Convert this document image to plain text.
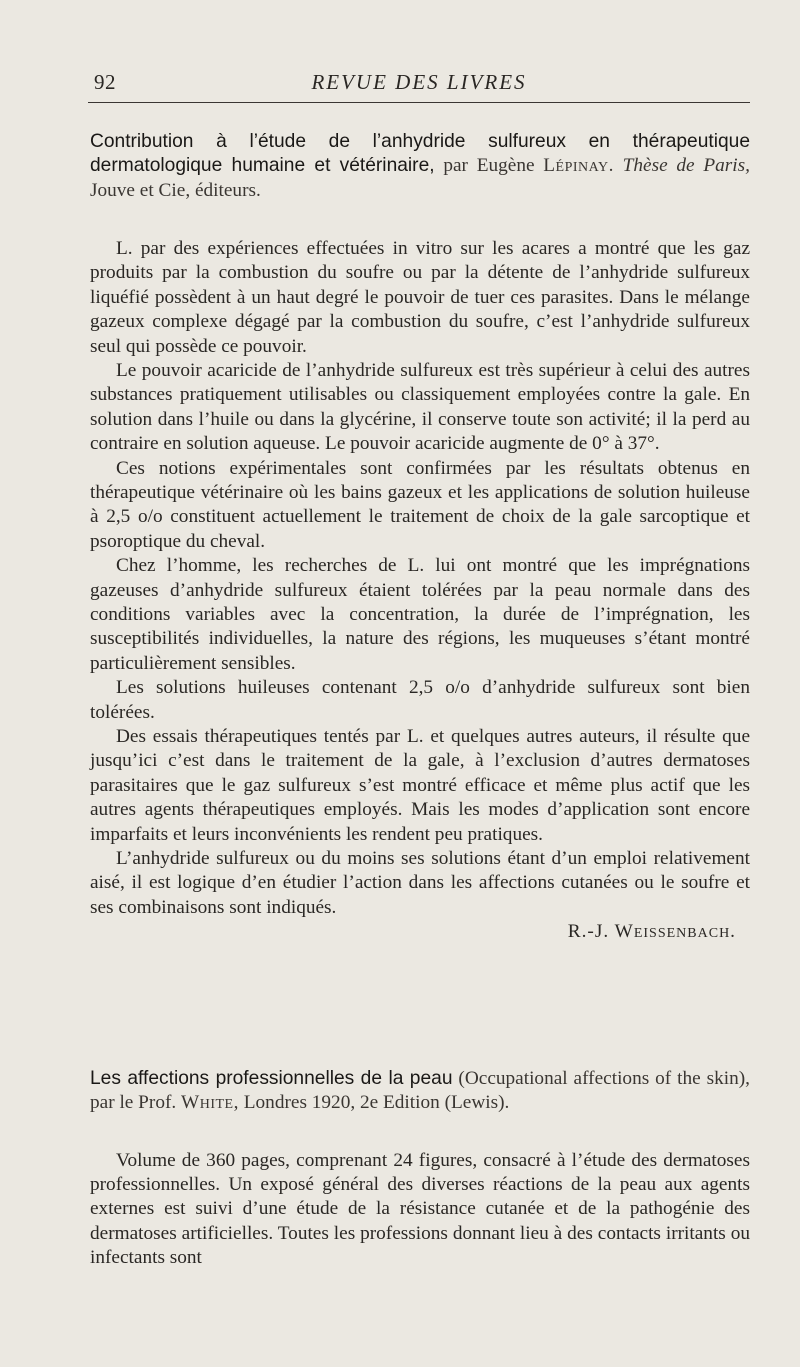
92	REVUE DES LIVRES

Contribution à l’étude de l’anhydride sulfureux en thérapeutique dermatologique humaine et vétérinaire, par Eugène Lépinay. Thèse de Paris, Jouve et Cie, éditeurs.

L. par des expériences effectuées in vitro sur les acares a montré que les gaz produits par la combustion du soufre ou par la détente de l’anhydride sulfureux liquéfié possèdent à un haut degré le pouvoir de tuer ces parasites. Dans le mélange gazeux complexe dégagé par la combustion du soufre, c’est l’anhydride sulfureux seul qui possède ce pouvoir.

Le pouvoir acaricide de l’anhydride sulfureux est très supérieur à celui des autres substances pratiquement utilisables ou classiquement employées contre la gale. En solution dans l’huile ou dans la glycérine, il conserve toute son activité; il la perd au contraire en solution aqueuse. Le pouvoir acaricide augmente de 0° à 37°.

Ces notions expérimentales sont confirmées par les résultats obtenus en thérapeutique vétérinaire où les bains gazeux et les applications de solution huileuse à 2,5 o/o constituent actuellement le traitement de choix de la gale sarcoptique et psoroptique du cheval.

Chez l’homme, les recherches de L. lui ont montré que les imprégnations gazeuses d’anhydride sulfureux étaient tolérées par la peau normale dans des conditions variables avec la concentration, la durée de l’imprégnation, les susceptibilités individuelles, la nature des régions, les muqueuses s’étant montré particulièrement sensibles.

Les solutions huileuses contenant 2,5 o/o d’anhydride sulfureux sont bien tolérées.

Des essais thérapeutiques tentés par L. et quelques autres auteurs, il résulte que jusqu’ici c’est dans le traitement de la gale, à l’exclusion d’autres dermatoses parasitaires que le gaz sulfureux s’est montré efficace et même plus actif que les autres agents thérapeutiques employés. Mais les modes d’application sont encore imparfaits et leurs inconvénients les rendent peu pratiques.

L’anhydride sulfureux ou du moins ses solutions étant d’un emploi relativement aisé, il est logique d’en étudier l’action dans les affections cutanées ou le soufre et ses combinaisons sont indiqués.

R.-J. Weissenbach.

Les affections professionnelles de la peau (Occupational affections of the skin), par le Prof. White, Londres 1920, 2e Edition (Lewis).

Volume de 360 pages, comprenant 24 figures, consacré à l’étude des dermatoses professionnelles. Un exposé général des diverses réactions de la peau aux agents externes est suivi d’une étude de la résistance cutanée et de la pathogénie des dermatoses artificielles. Toutes les professions donnant lieu à des contacts irritants ou infectants sont
